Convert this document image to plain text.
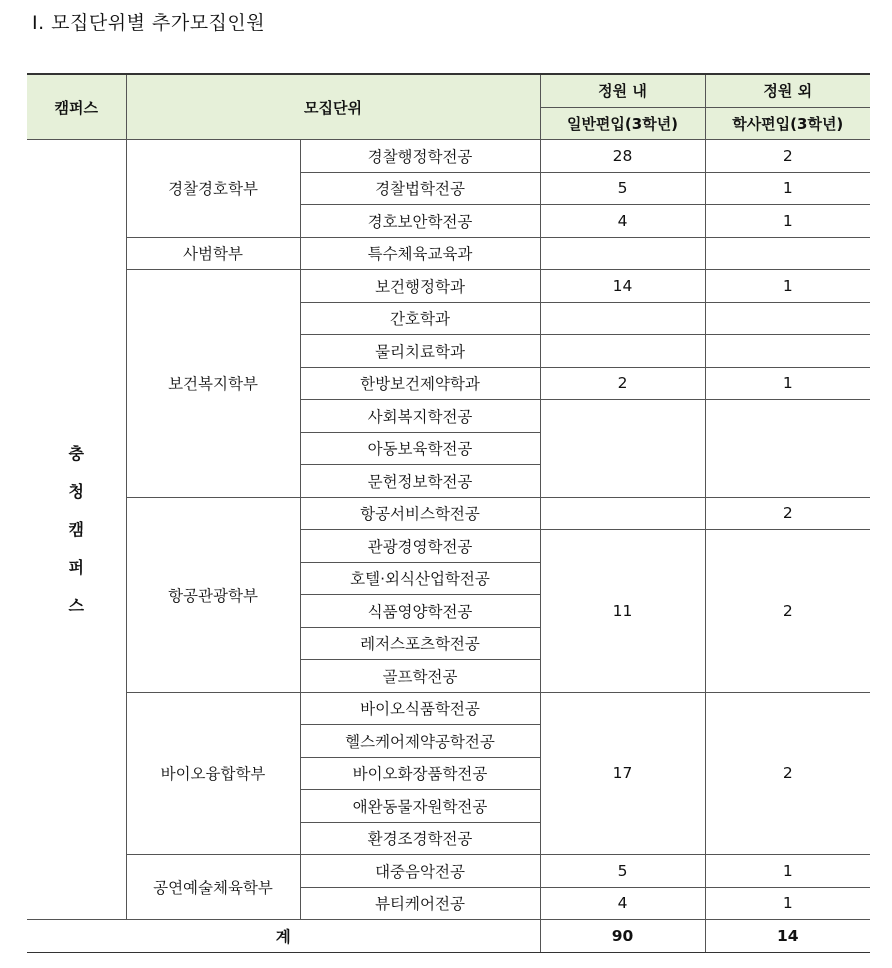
Ⅰ. 모집단위별 추가모집인원
캠퍼스	모집단위		정원 내	정원 외
			일반편입(3학년)	학사편입(3학년)

충
청
캠
퍼
스	경찰경호학부	경찰행정학전공	28	2
		경찰법학전공	5	1
		경호보안학전공	4	1
	사범학부	특수체육교육과		
	보건복지학부	보건행정학과	14	1
		간호학과		
		물리치료학과		
		한방보건제약학과	2	1
		사회복지학전공		
		아동보육학전공		
		문헌정보학전공		
	항공관광학부	항공서비스학전공		2
		관광경영학전공	11	2
		호텔·외식산업학전공		
		식품영양학전공		
		레저스포츠학전공		
		골프학전공		
	바이오융합학부	바이오식품학전공	17	2
		헬스케어제약공학전공		
		바이오화장품학전공		
		애완동물자원학전공		
		환경조경학전공		
	공연예술체육학부	대중음악전공	5	1
		뷰티케어전공	4	1
계			90	14
